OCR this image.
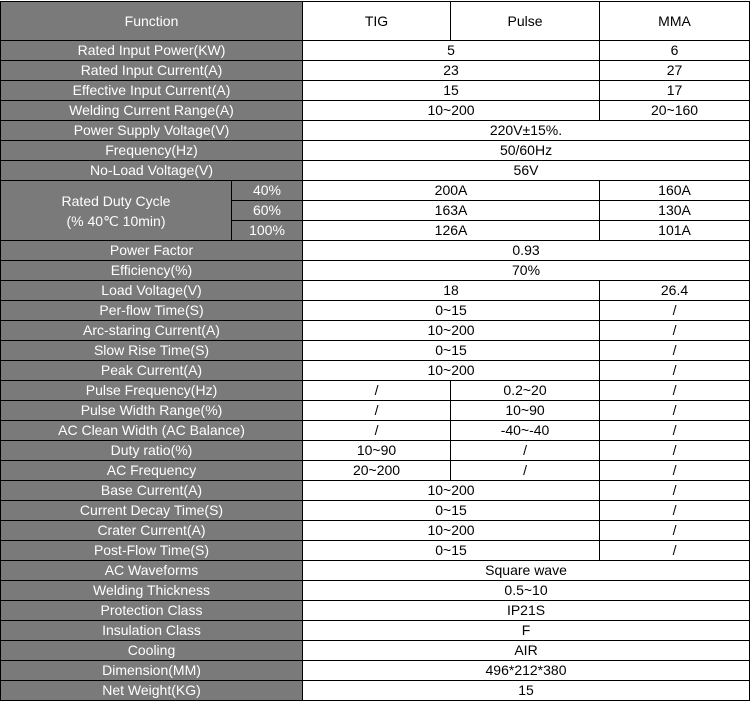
Function		TIG	Pulse	MMA
Rated Input Power(KW)		5		6
Rated Input Current(A)		23		27
Effective Input Current(A)		15		17
Welding Current Range(A)		10~200		20~160
Power Supply Voltage(V)		220V±15%.		
Frequency(Hz)		50/60Hz		
No-Load Voltage(V)		56V		

Rated Duty Cycle
(% 40℃ 10min)	40%	200A		160A
	60%	163A		130A
	100%	126A		101A
Power Factor		0.93		
Efficiency(%)		70%		
Load Voltage(V)		18		26.4
Per-flow Time(S)		0~15		/
Arc-staring Current(A)		10~200		/
Slow Rise Time(S)		0~15		/
Peak Current(A)		10~200		/
Pulse Frequency(Hz)		/	0.2~20	/
Pulse Width Range(%)		/	10~90	/
AC Clean Width (AC Balance)		/	-40~-40	/
Duty ratio(%)		10~90	/	/
AC Frequency		20~200	/	/
Base Current(A)		10~200		/
Current Decay Time(S)		0~15		/
Crater Current(A)		10~200		/
Post-Flow Time(S)		0~15		/
AC Waveforms		Square wave		
Welding Thickness		0.5~10		
Protection Class		IP21S		
Insulation Class		F		
Cooling		AIR		
Dimension(MM)		496*212*380		
Net Weight(KG)		15		
